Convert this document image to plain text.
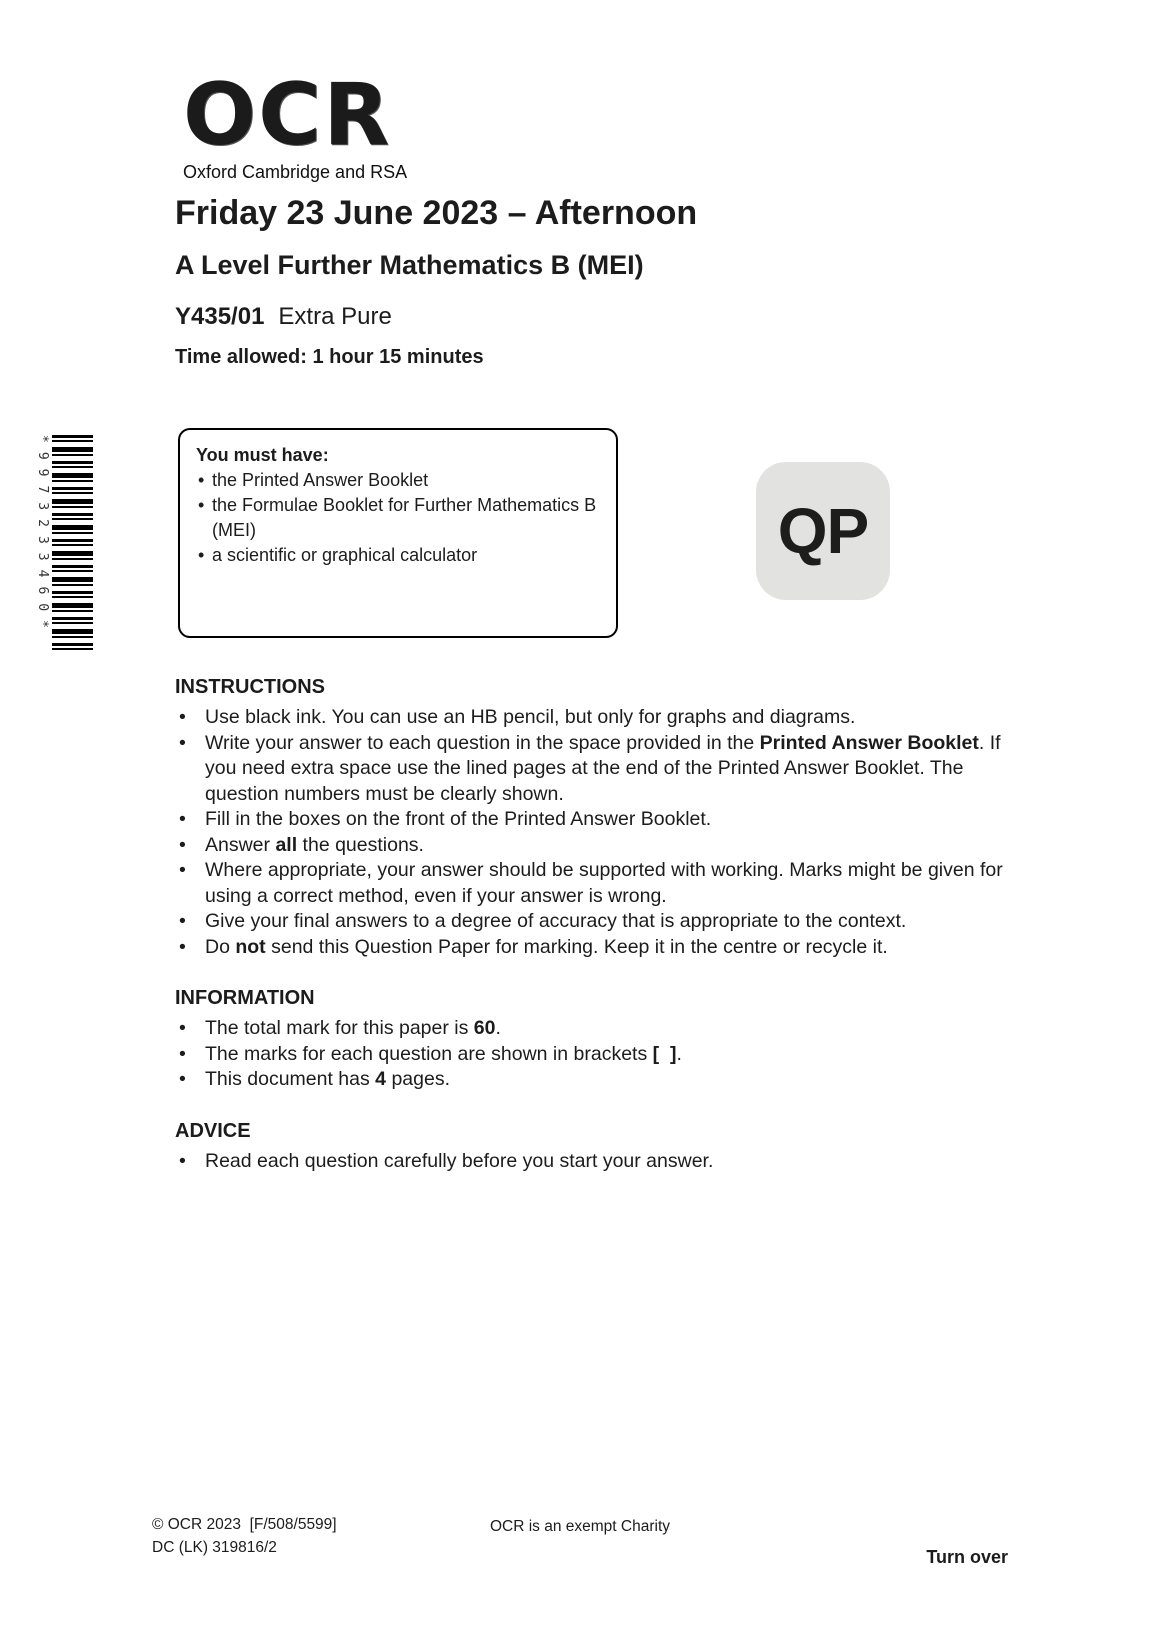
OCR
Oxford Cambridge and RSA
Friday 23 June 2023 – Afternoon
A Level Further Mathematics B (MEI)
Y435/01 Extra Pure
Time allowed: 1 hour 15 minutes
*9973233460*	You must have:
• the Printed Answer Booklet
• the Formulae Booklet for Further Mathematics B (MEI)
• a scientific or graphical calculator	QP
INSTRUCTIONS
• Use black ink. You can use an HB pencil, but only for graphs and diagrams.
• Write your answer to each question in the space provided in the Printed Answer Booklet. If you need extra space use the lined pages at the end of the Printed Answer Booklet. The question numbers must be clearly shown.
• Fill in the boxes on the front of the Printed Answer Booklet.
• Answer all the questions.
• Where appropriate, your answer should be supported with working. Marks might be given for using a correct method, even if your answer is wrong.
• Give your final answers to a degree of accuracy that is appropriate to the context.
• Do not send this Question Paper for marking. Keep it in the centre or recycle it.
INFORMATION
• The total mark for this paper is 60.
• The marks for each question are shown in brackets [  ].
• This document has 4 pages.
ADVICE
• Read each question carefully before you start your answer.
© OCR 2023  [F/508/5599]
DC (LK) 319816/2
OCR is an exempt Charity
Turn over
